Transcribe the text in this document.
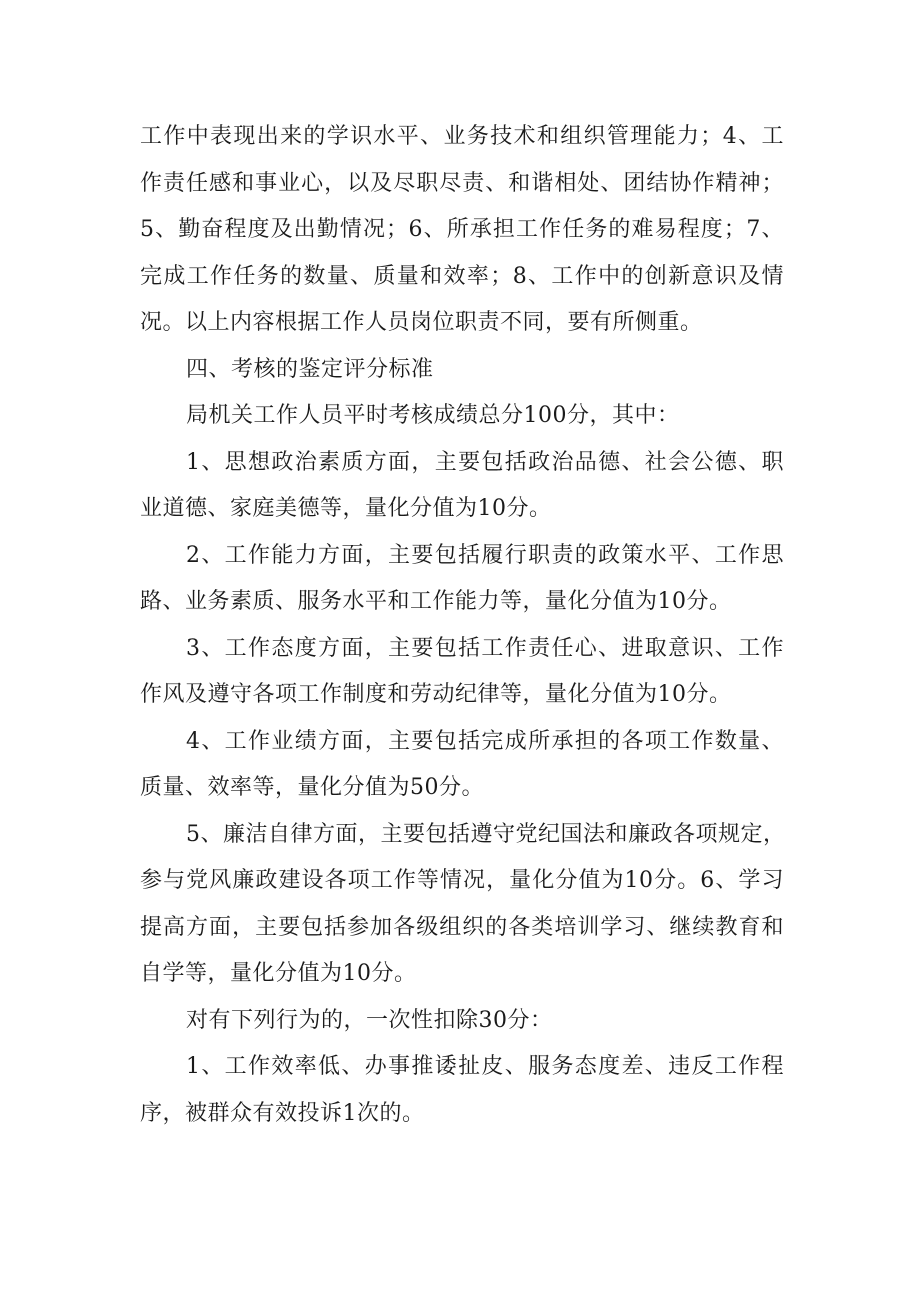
工作中表现出来的学识水平、业务技术和组织管理能力；4、工
作责任感和事业心，以及尽职尽责、和谐相处、团结协作精神；
5、勤奋程度及出勤情况；6、所承担工作任务的难易程度；7、
完成工作任务的数量、质量和效率；8、工作中的创新意识及情
况。以上内容根据工作人员岗位职责不同，要有所侧重。
四、考核的鉴定评分标准
局机关工作人员平时考核成绩总分100分，其中：
1、思想政治素质方面，主要包括政治品德、社会公德、职
业道德、家庭美德等，量化分值为10分。
2、工作能力方面，主要包括履行职责的政策水平、工作思
路、业务素质、服务水平和工作能力等，量化分值为10分。
3、工作态度方面，主要包括工作责任心、进取意识、工作
作风及遵守各项工作制度和劳动纪律等，量化分值为10分。
4、工作业绩方面，主要包括完成所承担的各项工作数量、
质量、效率等，量化分值为50分。
5、廉洁自律方面，主要包括遵守党纪国法和廉政各项规定，
参与党风廉政建设各项工作等情况，量化分值为10分。6、学习
提高方面，主要包括参加各级组织的各类培训学习、继续教育和
自学等，量化分值为10分。
对有下列行为的，一次性扣除30分：
1、工作效率低、办事推诿扯皮、服务态度差、违反工作程
序，被群众有效投诉1次的。
